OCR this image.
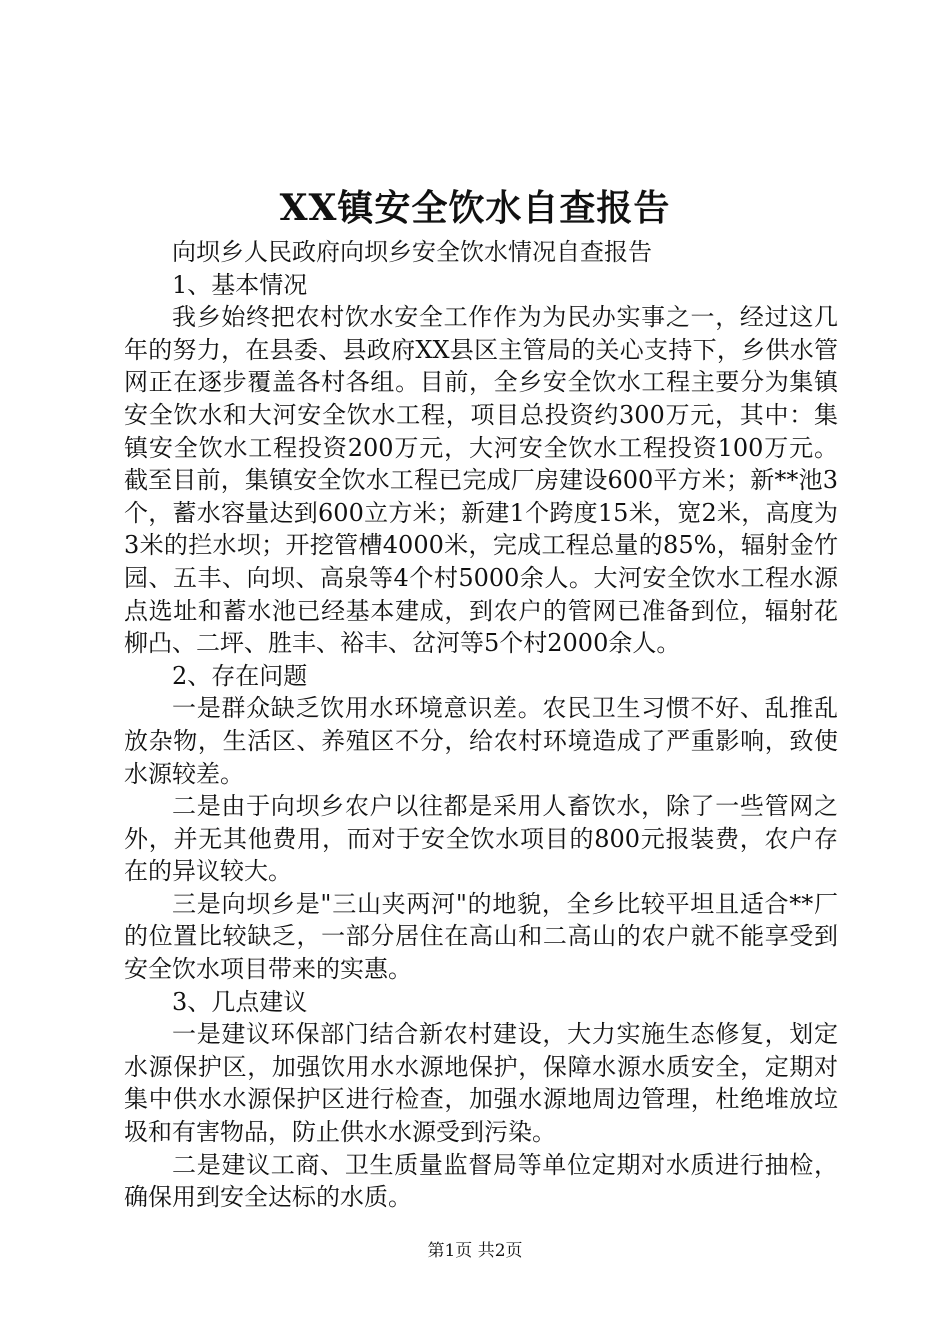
XX镇安全饮水自查报告

向坝乡人民政府向坝乡安全饮水情况自查报告

1、基本情况

我乡始终把农村饮水安全工作作为为民办实事之一，经过这几年的努力，在县委、县政府XX县区主管局的关心支持下，乡供水管网正在逐步覆盖各村各组。目前，全乡安全饮水工程主要分为集镇安全饮水和大河安全饮水工程，项目总投资约300万元，其中：集镇安全饮水工程投资200万元，大河安全饮水工程投资100万元。截至目前，集镇安全饮水工程已完成厂房建设600平方米；新**池3个，蓄水容量达到600立方米；新建1个跨度15米，宽2米，高度为3米的拦水坝；开挖管槽4000米，完成工程总量的85%，辐射金竹园、五丰、向坝、高泉等4个村5000余人。大河安全饮水工程水源点选址和蓄水池已经基本建成，到农户的管网已准备到位，辐射花柳凸、二坪、胜丰、裕丰、岔河等5个村2000余人。

2、存在问题

一是群众缺乏饮用水环境意识差。农民卫生习惯不好、乱推乱放杂物，生活区、养殖区不分，给农村环境造成了严重影响，致使水源较差。

二是由于向坝乡农户以往都是采用人畜饮水，除了一些管网之外，并无其他费用，而对于安全饮水项目的800元报装费，农户存在的异议较大。

三是向坝乡是"三山夹两河"的地貌，全乡比较平坦且适合**厂的位置比较缺乏，一部分居住在高山和二高山的农户就不能享受到安全饮水项目带来的实惠。

3、几点建议

一是建议环保部门结合新农村建设，大力实施生态修复，划定水源保护区，加强饮用水水源地保护，保障水源水质安全，定期对集中供水水源保护区进行检查，加强水源地周边管理，杜绝堆放垃圾和有害物品，防止供水水源受到污染。

二是建议工商、卫生质量监督局等单位定期对水质进行抽检，确保用到安全达标的水质。

第1页 共2页
